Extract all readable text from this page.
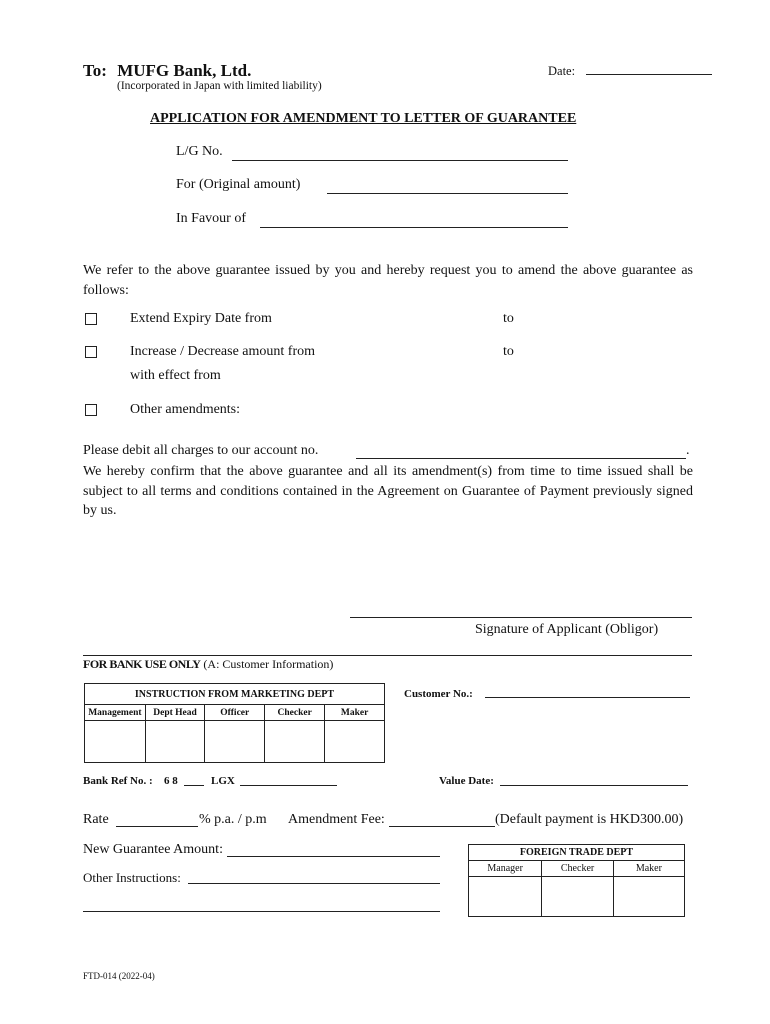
To: MUFG Bank, Ltd.
(Incorporated in Japan with limited liability)
Date:
APPLICATION FOR AMENDMENT TO LETTER OF GUARANTEE
L/G No.
For (Original amount)
In Favour of
We refer to the above guarantee issued by you and hereby request you to amend the above guarantee as follows:
Extend Expiry Date from	to
Increase / Decrease amount from	to
with effect from
Other amendments:
Please debit all charges to our account no.	.
We hereby confirm that the above guarantee and all its amendment(s) from time to time issued shall be subject to all terms and conditions contained in the Agreement on Guarantee of Payment previously signed by us.
Signature of Applicant (Obligor)
FOR BANK USE ONLY (A: Customer Information)
INSTRUCTION FROM MARKETING DEPT				
Management	Dept Head	Officer	Checker	Maker

Customer No.:
Bank Ref No. : 6 8	LGX	Value Date:
Rate	% p.a. / p.m Amendment Fee:	(Default payment is HKD300.00)
New Guarantee Amount:
Other Instructions:
FOREIGN TRADE DEPT		
Manager	Checker	Maker

FTD-014 (2022-04)
